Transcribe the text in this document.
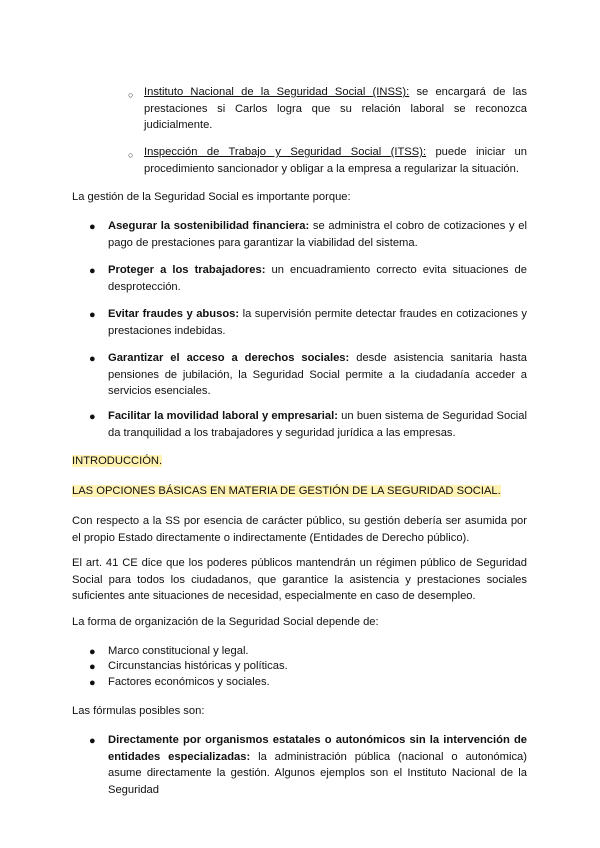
○ Instituto Nacional de la Seguridad Social (INSS): se encargará de las prestaciones si Carlos logra que su relación laboral se reconozca judicialmente.

○ Inspección de Trabajo y Seguridad Social (ITSS): puede iniciar un procedimiento sancionador y obligar a la empresa a regularizar la situación.

La gestión de la Seguridad Social es importante porque:

● Asegurar la sostenibilidad financiera: se administra el cobro de cotizaciones y el pago de prestaciones para garantizar la viabilidad del sistema.

● Proteger a los trabajadores: un encuadramiento correcto evita situaciones de desprotección.

● Evitar fraudes y abusos: la supervisión permite detectar fraudes en cotizaciones y prestaciones indebidas.

● Garantizar el acceso a derechos sociales: desde asistencia sanitaria hasta pensiones de jubilación, la Seguridad Social permite a la ciudadanía acceder a servicios esenciales.

● Facilitar la movilidad laboral y empresarial: un buen sistema de Seguridad Social da tranquilidad a los trabajadores y seguridad jurídica a las empresas.

INTRODUCCIÓN.

LAS OPCIONES BÁSICAS EN MATERIA DE GESTIÓN DE LA SEGURIDAD SOCIAL.

Con respecto a la SS por esencia de carácter público, su gestión debería ser asumida por el propio Estado directamente o indirectamente (Entidades de Derecho público).

El art. 41 CE dice que los poderes públicos mantendrán un régimen público de Seguridad Social para todos los ciudadanos, que garantice la asistencia y prestaciones sociales suficientes ante situaciones de necesidad, especialmente en caso de desempleo.

La forma de organización de la Seguridad Social depende de:

● Marco constitucional y legal.

● Circunstancias históricas y políticas.

● Factores económicos y sociales.

Las fórmulas posibles son:

● Directamente por organismos estatales o autonómicos sin la intervención de entidades especializadas: la administración pública (nacional o autonómica) asume directamente la gestión. Algunos ejemplos son el Instituto Nacional de la Seguridad
